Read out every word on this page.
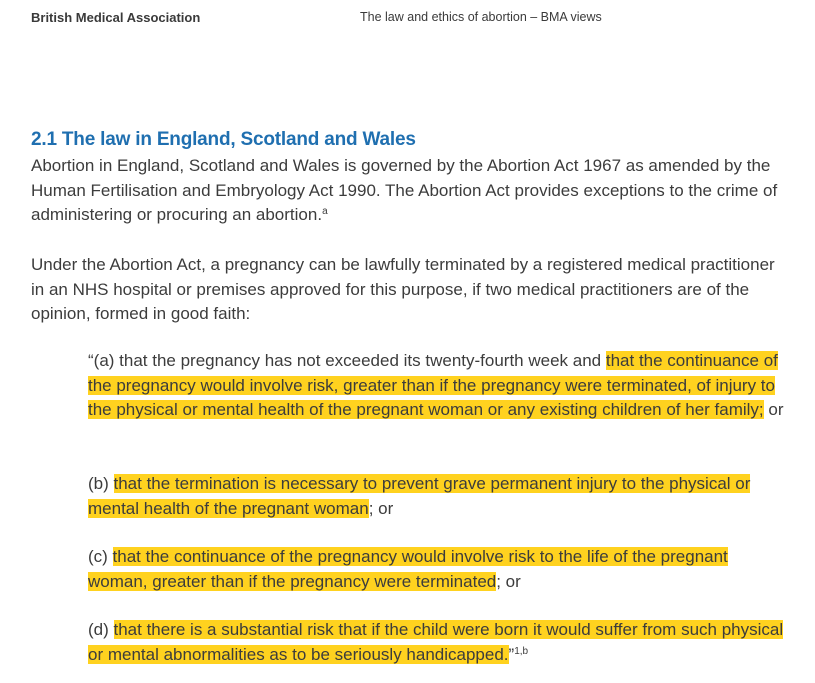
British Medical Association	The law and ethics of abortion – BMA views
2.1 The law in England, Scotland and Wales

Abortion in England, Scotland and Wales is governed by the Abortion Act 1967 as amended by the Human Fertilisation and Embryology Act 1990. The Abortion Act provides exceptions to the crime of administering or procuring an abortion.$^a$

Under the Abortion Act, a pregnancy can be lawfully terminated by a registered medical practitioner in an NHS hospital or premises approved for this purpose, if two medical practitioners are of the opinion, formed in good faith:

“(a) that the pregnancy has not exceeded its twenty-fourth week and that the continuance of the pregnancy would involve risk, greater than if the pregnancy were terminated, of injury to the physical or mental health of the pregnant woman or any existing children of her family; or

(b) that the termination is necessary to prevent grave permanent injury to the physical or mental health of the pregnant woman; or

(c) that the continuance of the pregnancy would involve risk to the life of the pregnant woman, greater than if the pregnancy were terminated; or

(d) that there is a substantial risk that if the child were born it would suffer from such physical or mental abnormalities as to be seriously handicapped.”$^{1,b}$
